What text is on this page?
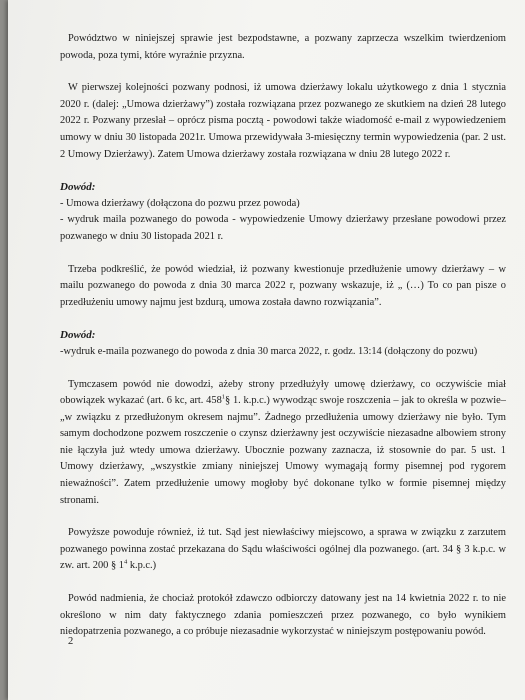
Powództwo w niniejszej sprawie jest bezpodstawne, a pozwany zaprzecza wszelkim twierdzeniom powoda, poza tymi, które wyraźnie przyzna.

W pierwszej kolejności pozwany podnosi, iż umowa dzierżawy lokalu użytkowego z dnia 1 stycznia 2020 r. (dalej: „Umowa dzierżawy”) została rozwiązana przez pozwanego ze skutkiem na dzień 28 lutego 2022 r. Pozwany przesłał – oprócz pisma pocztą - powodowi także wiadomość e-mail z wypowiedzeniem umowy w dniu 30 listopada 2021r. Umowa przewidywała 3-miesięczny termin wypowiedzenia (par. 2 ust. 2 Umowy Dzierżawy). Zatem Umowa dzierżawy została rozwiązana w dniu 28 lutego 2022 r.

Dowód:

- Umowa dzierżawy (dołączona do pozwu przez powoda)

- wydruk maila pozwanego do powoda - wypowiedzenie Umowy dzierżawy przesłane powodowi przez pozwanego w dniu 30 listopada 2021 r.

Trzeba podkreślić, że powód wiedział, iż pozwany kwestionuje przedłużenie umowy dzierżawy – w mailu pozwanego do powoda z dnia 30 marca 2022 r, pozwany wskazuje, iż „ (…) To co pan pisze o przedłużeniu umowy najmu jest bzdurą, umowa została dawno rozwiązania”.

Dowód:

-wydruk e-maila pozwanego do powoda z dnia 30 marca 2022, r. godz. 13:14 (dołączony do pozwu)

Tymczasem powód nie dowodzi, ażeby strony przedłużyły umowę dzierżawy, co oczywiście miał obowiązek wykazać (art. 6 kc, art. $458^1\S$ 1. k.p.c.) wywodząc swoje roszczenia – jak to określa w pozwie– „w związku z przedłużonym okresem najmu”. Żadnego przedłużenia umowy dzierżawy nie było. Tym samym dochodzone pozwem roszczenie o czynsz dzierżawny jest oczywiście niezasadne albowiem strony nie łączyła już wtedy umowa dzierżawy. Ubocznie pozwany zaznacza, iż stosownie do par. 5 ust. 1 Umowy dzierżawy, „wszystkie zmiany niniejszej Umowy wymagają formy pisemnej pod rygorem nieważności”. Zatem przedłużenie umowy mogłoby być dokonane tylko w formie pisemnej między stronami.

Powyższe powoduje również, iż tut. Sąd jest niewłaściwy miejscowo, a sprawa w związku z zarzutem pozwanego powinna zostać przekazana do Sądu właściwości ogólnej dla pozwanego. (art. 34 § 3 k.p.c. w zw. art. 200 § $1^4$ k.p.c.)

Powód nadmienia, że chociaż protokół zdawczo odbiorczy datowany jest na 14 kwietnia 2022 r. to nie określono w nim daty faktycznego zdania pomieszczeń przez pozwanego, co było wynikiem niedopatrzenia pozwanego, a co próbuje niezasadnie wykorzystać w niniejszym postępowaniu powód.

2
